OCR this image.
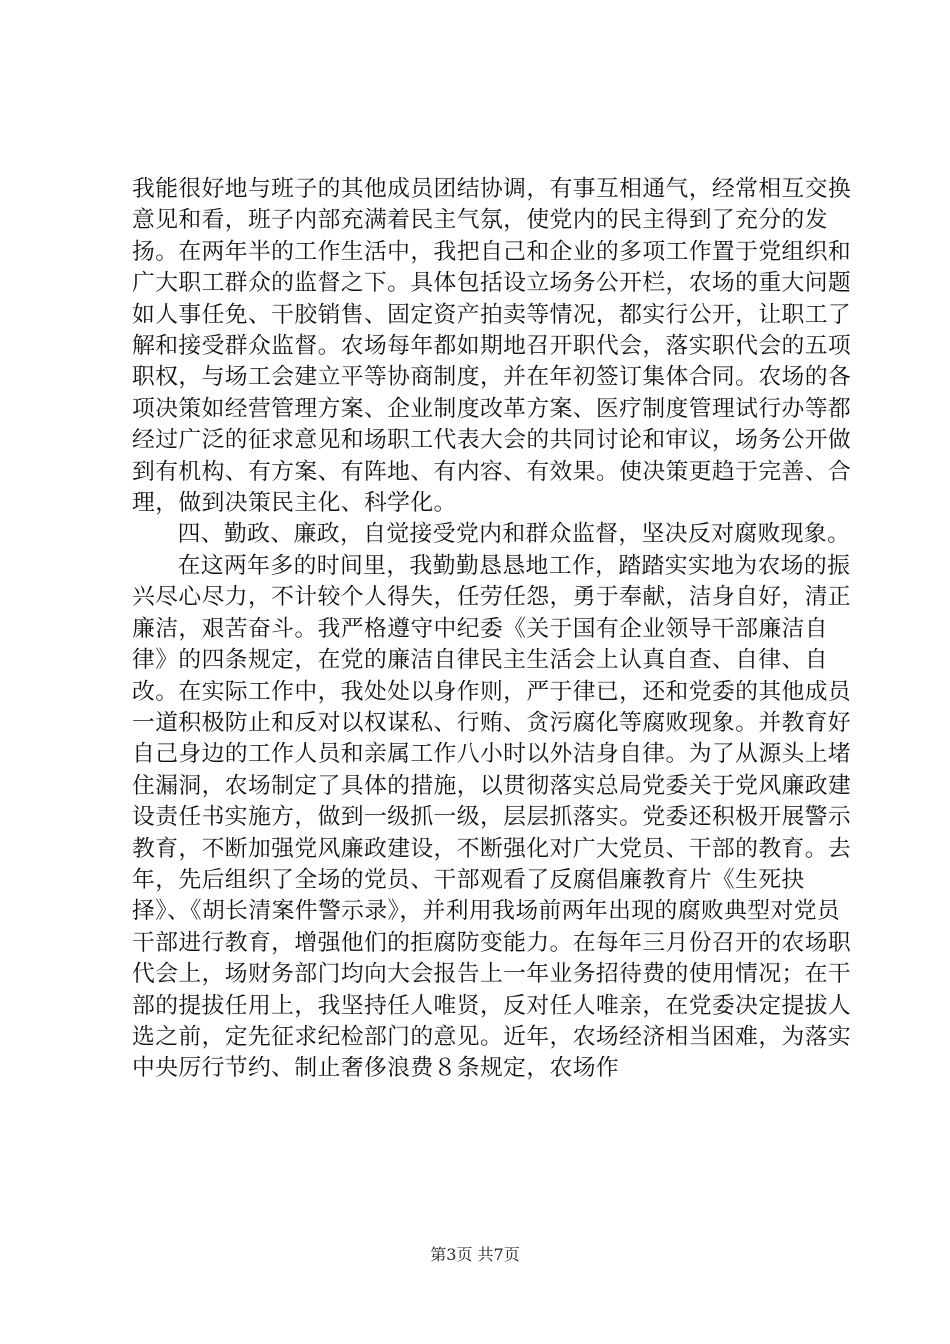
我能很好地与班子的其他成员团结协调，有事互相通气，经常相互交换意见和看，班子内部充满着民主气氛，使党内的民主得到了充分的发扬。在两年半的工作生活中，我把自己和企业的多项工作置于党组织和广大职工群众的监督之下。具体包括设立场务公开栏，农场的重大问题如人事任免、干胶销售、固定资产拍卖等情况，都实行公开，让职工了解和接受群众监督。农场每年都如期地召开职代会，落实职代会的五项职权，与场工会建立平等协商制度，并在年初签订集体合同。农场的各项决策如经营管理方案、企业制度改革方案、医疗制度管理试行办等都经过广泛的征求意见和场职工代表大会的共同讨论和审议，场务公开做到有机构、有方案、有阵地、有内容、有效果。使决策更趋于完善、合理，做到决策民主化、科学化。

四、勤政、廉政，自觉接受党内和群众监督，坚决反对腐败现象。

在这两年多的时间里，我勤勤恳恳地工作，踏踏实实地为农场的振兴尽心尽力，不计较个人得失，任劳任怨，勇于奉献，洁身自好，清正廉洁，艰苦奋斗。我严格遵守中纪委《关于国有企业领导干部廉洁自律》的四条规定，在党的廉洁自律民主生活会上认真自查、自律、自改。在实际工作中，我处处以身作则，严于律已，还和党委的其他成员一道积极防止和反对以权谋私、行贿、贪污腐化等腐败现象。并教育好自己身边的工作人员和亲属工作八小时以外洁身自律。为了从源头上堵住漏洞，农场制定了具体的措施，以贯彻落实总局党委关于党风廉政建设责任书实施方，做到一级抓一级，层层抓落实。党委还积极开展警示教育，不断加强党风廉政建设，不断强化对广大党员、干部的教育。去年，先后组织了全场的党员、干部观看了反腐倡廉教育片《生死抉择》、《胡长清案件警示录》，并利用我场前两年出现的腐败典型对党员干部进行教育，增强他们的拒腐防变能力。在每年三月份召开的农场职代会上，场财务部门均向大会报告上一年业务招待费的使用情况；在干部的提拔任用上，我坚持任人唯贤，反对任人唯亲，在党委决定提拔人选之前，定先征求纪检部门的意见。近年，农场经济相当困难，为落实中央厉行节约、制止奢侈浪费８条规定，农场作

第3页 共7页
